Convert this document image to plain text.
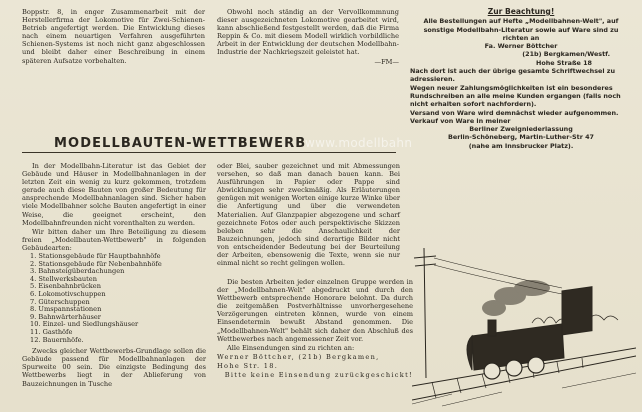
Boppstr. 8, in enger Zusammenarbeit mit der Herstellerfirma der Lokomotive für Zwei-Schienen-Betrieb angefertigt werden. Die Entwicklung dieses nach einem neuartigen Verfahren ausgeführten Schienen-Systems ist noch nicht ganz abgeschlossen und bleibt daher einer Beschreibung in einem späteren Aufsatze vorbehalten.

Obwohl noch ständig an der Vervollkommnung dieser ausgezeichneten Lokomotive gearbeitet wird, kann abschließend festgestellt werden, daß die Firma Reppin & Co. mit diesem Modell wirklich vorbildliche Arbeit in der Entwicklung der deutschen Modellbahn-Industrie der Nachkriegszeit geleistet hat.

—FM—

Zur Beachtung!
Alle Bestellungen auf Hefte „Modellbahnen-Welt", auf sonstige Modellbahn-Literatur sowie auf Ware sind zu richten an
Fa. Werner Böttcher
(21b) Bergkamen/Westf.
Hohe Straße 18
Nach dort ist auch der übrige gesamte Schriftwechsel zu adressieren.
Wegen neuer Zahlungsmöglichkeiten ist ein besonderes Rundschreiben an alle meine Kunden ergangen (falls noch nicht erhalten sofort nachfordern).
Versand von Ware wird demnächst wieder aufgenommen. Verkauf von Ware in meiner
Berliner Zweigniederlassung
Berlin-Schöneberg, Martin-Luther-Str 47
(nahe am Innsbrucker Platz).
MODELLBAUTEN-WETTBEWERB
www.modellbahn

In der Modellbahn-Literatur ist das Gebiet der Gebäude und Häuser in Modellbahnanlagen in der letzten Zeit ein wenig zu kurz gekommen, trotzdem gerade auch diese Bauten von großer Bedeutung für ansprechende Modellbahnanlagen sind. Sicher haben viele Modellbahner solche Bauten angefertigt in einer Weise, die geeignet erscheint, den Modellbahnfreunden nicht vorenthalten zu werden.

Wir bitten daher um Ihre Beteiligung zu diesem freien „Modellbauten-Wettbewerb" in folgenden Gebäudearten:

1. Stationsgebäude für Hauptbahnhöfe
2. Stationsgebäude für Nebenbahnhöfe
3. Bahnsteigüberdachungen
4. Stellwerksbauten
5. Eisenbahnbrücken
6. Lokomotivschuppen
7. Güterschuppen
8. Umspannstationen
9. Bahnwärterhäuser
10. Einzel- und Siedlungshäuser
11. Gasthöfe
12. Bauernhöfe.

Zwecks gleicher Wettbewerbs-Grundlage sollen die Gebäude passend für Modellbahnanlagen der Spurweite 00 sein. Die einzigste Bedingung des Wettbewerbs liegt in der Ablieferung von Bauzeichnungen in Tusche

oder Blei, sauber gezeichnet und mit Abmessungen versehen, so daß man danach bauen kann. Bei Ausführungen in Papier oder Pappe sind Abwicklungen sehr zweckmäßig. Als Erläuterungen genügen mit wenigen Worten einige kurze Winke über die Anfertigung und über die verwendeten Materialien. Auf Glanzpapier abgezogene und scharf gezeichnete Fotos oder auch perspektivische Skizzen beleben sehr die Anschaulichkeit der Bauzeichnungen, jedoch sind derartige Bilder nicht von entscheidender Bedeutung bei der Beurteilung der Arbeiten, ebensowenig die Texte, wenn sie nur einmal nicht so recht gelingen wollen.

Die besten Arbeiten jeder einzelnen Gruppe werden in der „Modellbahnen-Welt" abgedruckt und durch den Wettbewerb entsprechende Honorare belohnt. Da durch die zeitgemäßen Postverhältnisse unvorhergesehene Verzögerungen eintreten können, wurde von einem Einsendetermin bewußt Abstand genommen. Die „Modellbahnen-Welt" behält sich daher den Abschluß des Wettbewerbes nach angemessener Zeit vor.

Alle Einsendungen sind zu richten an:

Werner Böttcher, (21b) Bergkamen,

Hohe Str. 18.

Bitte keine Einsendung zurückgeschickt!
